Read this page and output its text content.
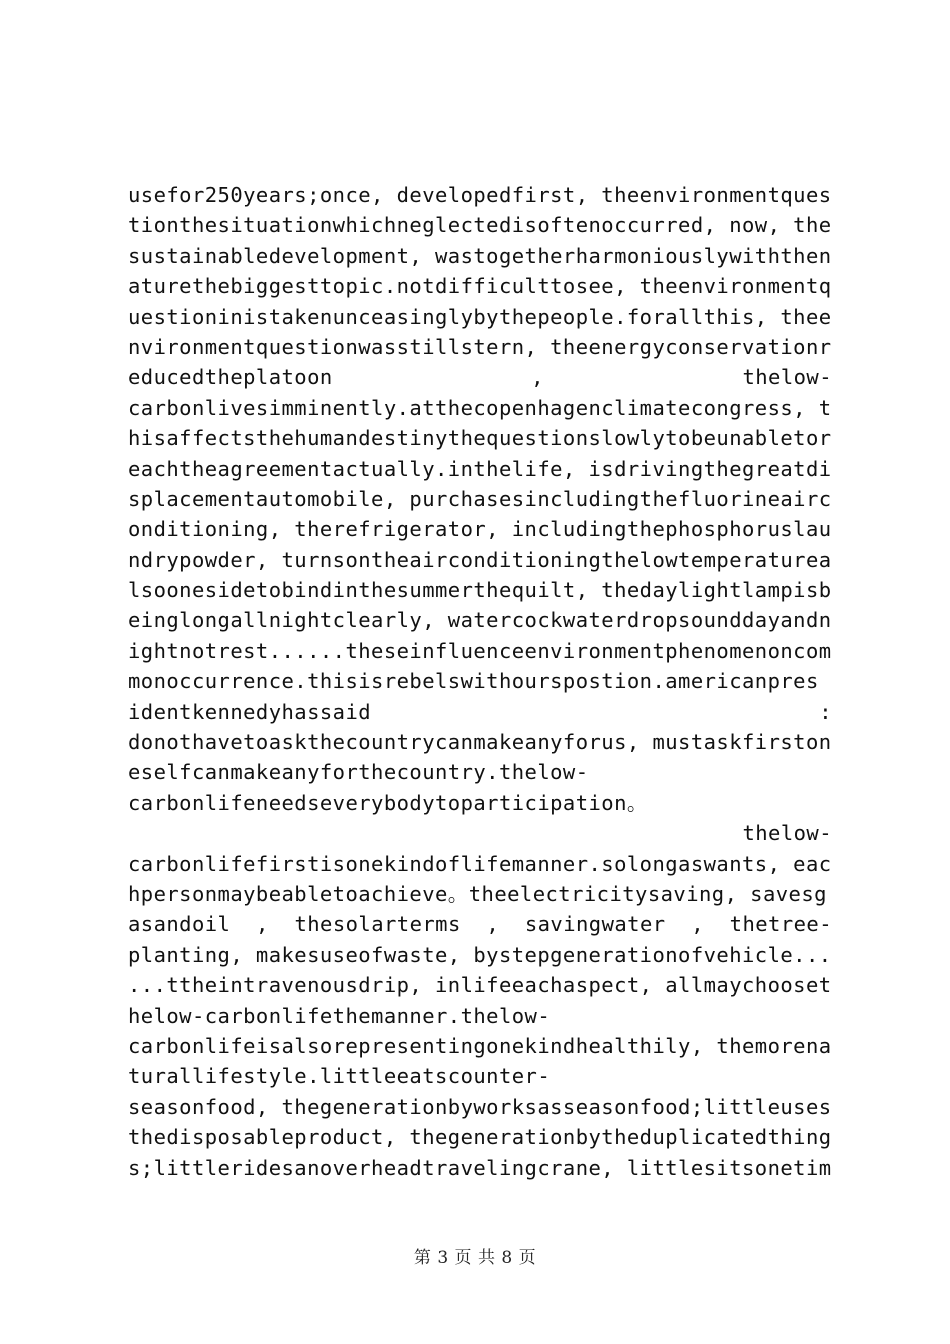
usefor250years;once, developedfirst, theenvironmentques
tionthesituationwhichneglectedisoftenoccurred, now, the
sustainabledevelopment, wastogetherharmoniouslywiththen
aturethebiggesttopic.notdifficulttosee, theenvironmentq
uestioninistakenunceasinglybythepeople.forallthis, thee
nvironmentquestionwasstillstern, theenergyconservationr
educedtheplatoon , thelow-
carbonlivesimminently.atthecopenhagenclimatecongress, t
hisaffectsthehumandestinythequestionslowlytobeunabletor
eachtheagreementactually.inthelife, isdrivingthegreatdi
splacementautomobile, purchasesincludingthefluorineairc
onditioning, therefrigerator, includingthephosphoruslau
ndrypowder, turnsontheairconditioningthelowtemperaturea
lsoonesidetobindinthesummerthequilt, thedaylightlampisb
einglongallnightclearly, watercockwaterdropsounddayandn
ightnotrest......theseinfluenceenvironmentphenomenoncom
monoccurrence.thisisrebelswithourspostion.americanpres
identkennedyhassaid :
donothavetoaskthecountrycanmakeanyforus, mustaskfirston
eselfcanmakeanyforthecountry.thelow-
carbonlifeneedseverybodytoparticipation。
thelow-
carbonlifefirstisonekindoflifemanner.solongaswants, eac
hpersonmaybeabletoachieve。theelectricitysaving, savesg
asandoil , thesolarterms , savingwater , thetree-
planting, makesuseofwaste, bystepgenerationofvehicle...
...ttheintravenousdrip, inlifeeachaspect, allmaychooset
helow-carbonlifethemanner.thelow-
carbonlifeisalsorepresentingonekindhealthily, themorena
turallifestyle.littleeatscounter-
seasonfood, thegenerationbyworksasseasonfood;littleuses
thedisposableproduct, thegenerationbytheduplicatedthing
s;littleridesanoverheadtravelingcrane, littlesitsonetim
第 3 页 共 8 页
